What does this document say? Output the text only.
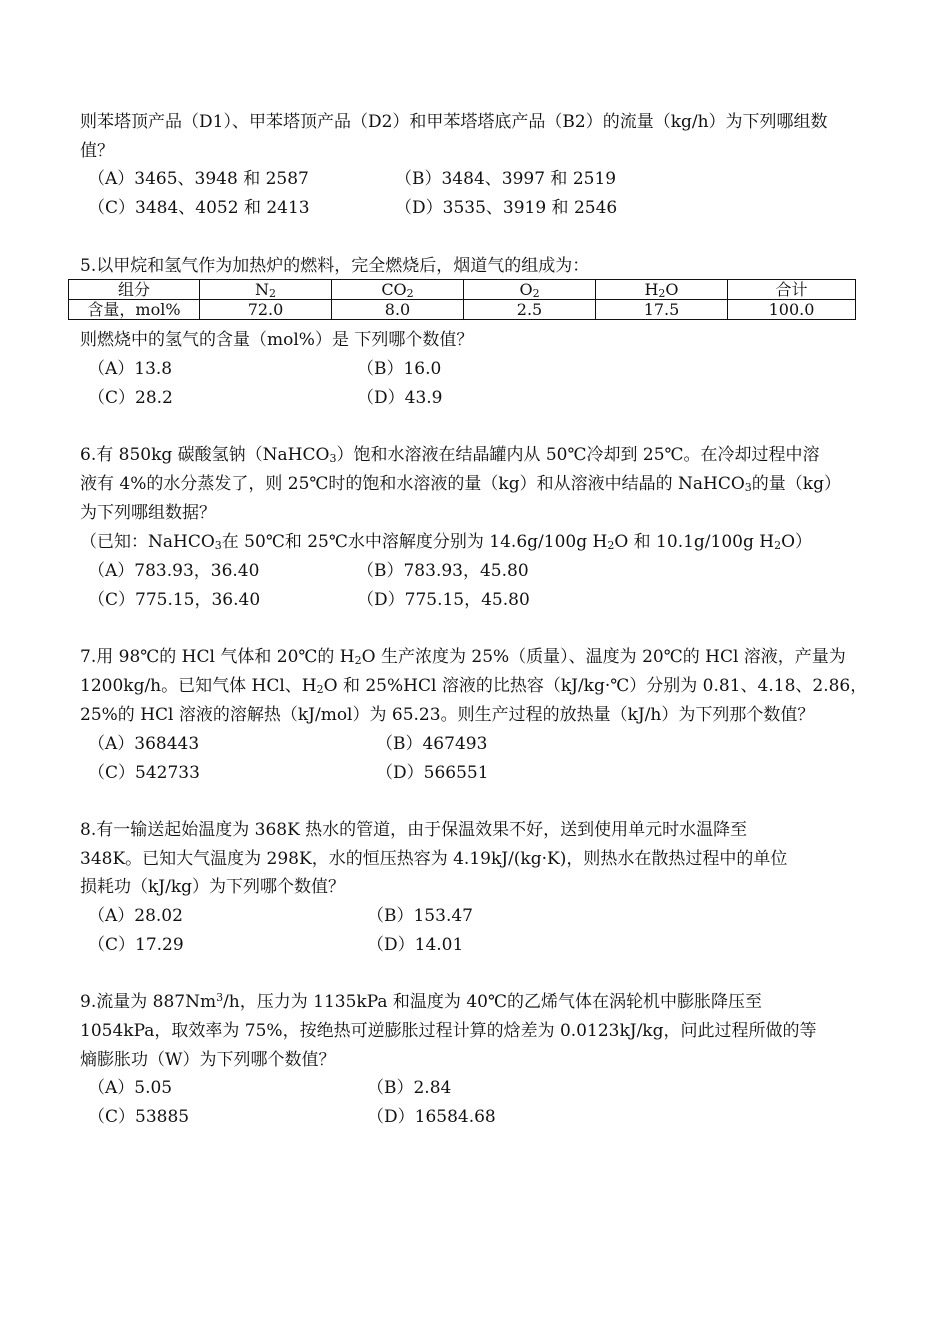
则苯塔顶产品（D1）、甲苯塔顶产品（D2）和甲苯塔塔底产品（B2）的流量（kg/h）为下列哪组数
值？
（A）3465、3948 和 2587	（B）3484、3997 和 2519
（C）3484、4052 和 2413	（D）3535、3919 和 2546
5.以甲烷和氢气作为加热炉的燃料，完全燃烧后，烟道气的组成为：
组分	$N_2$	$CO_2$	$O_2$	$H_2O$	合计
含量，mol%	72.0	8.0	2.5	17.5	100.0
则燃烧中的氢气的含量（mol%）是 下列哪个数值？
（A）13.8	（B）16.0
（C）28.2	（D）43.9
6.有 850kg 碳酸氢钠（NaHCO$_3$）饱和水溶液在结晶罐内从 50℃冷却到 25℃。在冷却过程中溶
液有 4%的水分蒸发了，则 25℃时的饱和水溶液的量（kg）和从溶液中结晶的 NaHCO$_3$的量（kg）
为下列哪组数据？
（已知：NaHCO$_3$在 50℃和 25℃水中溶解度分别为 14.6g/100g $H_2O$ 和 10.1g/100g $H_2O$）
（A）783.93，36.40	（B）783.93，45.80
（C）775.15，36.40	（D）775.15，45.80
7.用 98℃的 HCl 气体和 20℃的 $H_2O$ 生产浓度为 25%（质量）、温度为 20℃的 HCl 溶液，产量为
1200kg/h。已知气体 HCl、$H_2O$ 和 25%HCl 溶液的比热容（kJ/kg·℃）分别为 0.81、4.18、2.86，
25%的 HCl 溶液的溶解热（kJ/mol）为 65.23。则生产过程的放热量（kJ/h）为下列那个数值？
（A）368443	（B）467493
（C）542733	（D）566551
8.有一输送起始温度为 368K 热水的管道，由于保温效果不好，送到使用单元时水温降至
348K。已知大气温度为 298K，水的恒压热容为 4.19kJ/(kg·K)，则热水在散热过程中的单位
损耗功（kJ/kg）为下列哪个数值？
（A）28.02	（B）153.47
（C）17.29	（D）14.01
9.流量为 887Nm$^3$/h，压力为 1135kPa 和温度为 40℃的乙烯气体在涡轮机中膨胀降压至
1054kPa，取效率为 75%，按绝热可逆膨胀过程计算的焓差为 0.0123kJ/kg，问此过程所做的等
熵膨胀功（W）为下列哪个数值？
（A）5.05	（B）2.84
（C）53885	（D）16584.68
